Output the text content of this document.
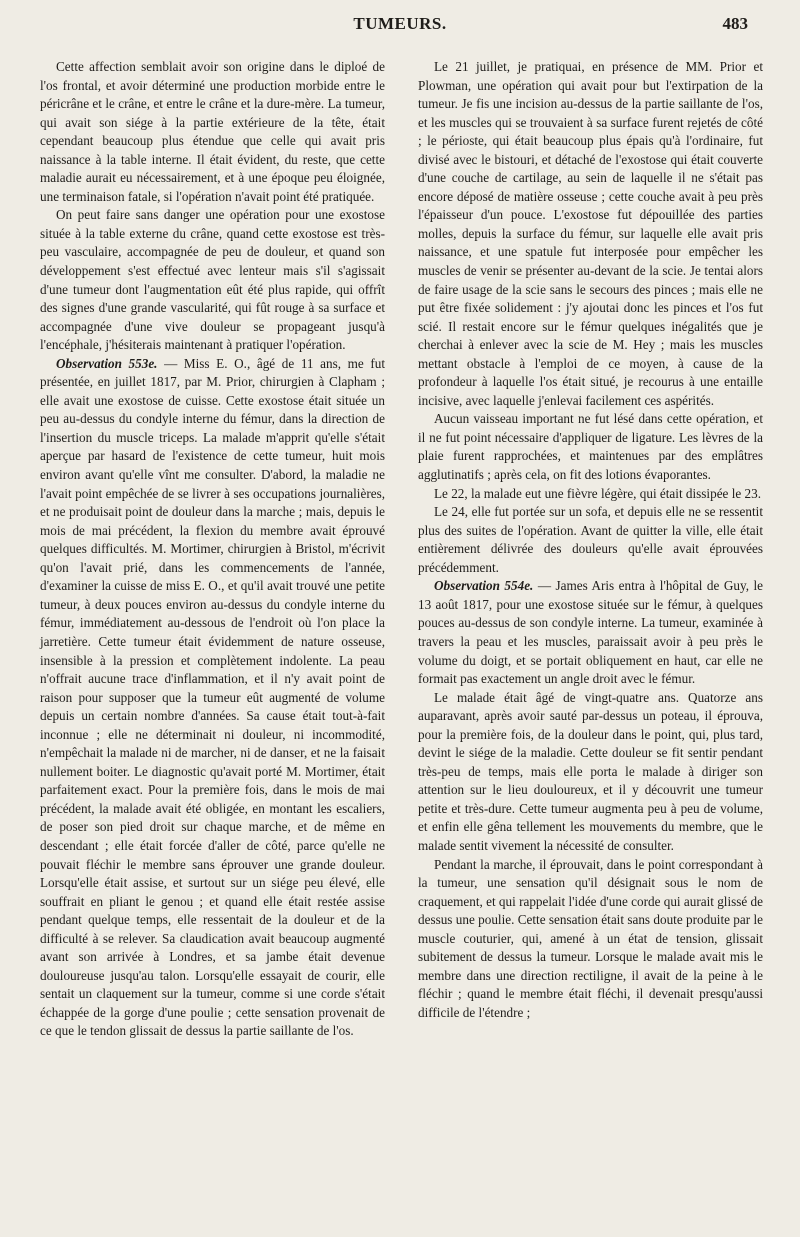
TUMEURS.	483

Cette affection semblait avoir son origine dans le diploé de l'os frontal, et avoir déterminé une production morbide entre le péricrâne et le crâne, et entre le crâne et la dure-mère. La tumeur, qui avait son siége à la partie extérieure de la tête, était cependant beaucoup plus étendue que celle qui avait pris naissance à la table interne. Il était évident, du reste, que cette maladie aurait eu nécessairement, et à une époque peu éloignée, une terminaison fatale, si l'opération n'avait point été pratiquée.

On peut faire sans danger une opération pour une exostose située à la table externe du crâne, quand cette exostose est très-peu vasculaire, accompagnée de peu de douleur, et quand son développement s'est effectué avec lenteur mais s'il s'agissait d'une tumeur dont l'augmentation eût été plus rapide, qui offrît des signes d'une grande vascularité, qui fût rouge à sa surface et accompagnée d'une vive douleur se propageant jusqu'à l'encéphale, j'hésiterais maintenant à pratiquer l'opération.

Observation 553e. — Miss E. O., âgé de 11 ans, me fut présentée, en juillet 1817, par M. Prior, chirurgien à Clapham ; elle avait une exostose de cuisse. Cette exostose était située un peu au-dessus du condyle interne du fémur, dans la direction de l'insertion du muscle triceps. La malade m'apprit qu'elle s'était aperçue par hasard de l'existence de cette tumeur, huit mois environ avant qu'elle vînt me consulter. D'abord, la maladie ne l'avait point empêchée de se livrer à ses occupations journalières, et ne produisait point de douleur dans la marche ; mais, depuis le mois de mai précédent, la flexion du membre avait éprouvé quelques difficultés. M. Mortimer, chirurgien à Bristol, m'écrivit qu'on l'avait prié, dans les commencements de l'année, d'examiner la cuisse de miss E. O., et qu'il avait trouvé une petite tumeur, à deux pouces environ au-dessus du condyle interne du fémur, immédiatement au-dessous de l'endroit où l'on place la jarretière. Cette tumeur était évidemment de nature osseuse, insensible à la pression et complètement indolente. La peau n'offrait aucune trace d'inflammation, et il n'y avait point de raison pour supposer que la tumeur eût augmenté de volume depuis un certain nombre d'années. Sa cause était tout-à-fait inconnue ; elle ne déterminait ni douleur, ni incommodité, n'empêchait la malade ni de marcher, ni de danser, et ne la faisait nullement boiter. Le diagnostic qu'avait porté M. Mortimer, était parfaitement exact. Pour la première fois, dans le mois de mai précédent, la malade avait été obligée, en montant les escaliers, de poser son pied droit sur chaque marche, et de même en descendant ; elle était forcée d'aller de côté, parce qu'elle ne pouvait fléchir le membre sans éprouver une grande douleur. Lorsqu'elle était assise, et surtout sur un siége peu élevé, elle souffrait en pliant le genou ; et quand elle était restée assise pendant quelque temps, elle ressentait de la douleur et de la difficulté à se relever. Sa claudication avait beaucoup augmenté avant son arrivée à Londres, et sa jambe était devenue douloureuse jusqu'au talon. Lorsqu'elle essayait de courir, elle sentait un claquement sur la tumeur, comme si une corde s'était échappée de la gorge d'une poulie ; cette sensation provenait de ce que le tendon glissait de dessus la partie saillante de l'os.

Le 21 juillet, je pratiquai, en présence de MM. Prior et Plowman, une opération qui avait pour but l'extirpation de la tumeur. Je fis une incision au-dessus de la partie saillante de l'os, et les muscles qui se trouvaient à sa surface furent rejetés de côté ; le périoste, qui était beaucoup plus épais qu'à l'ordinaire, fut divisé avec le bistouri, et détaché de l'exostose qui était couverte d'une couche de cartilage, au sein de laquelle il ne s'était pas encore déposé de matière osseuse ; cette couche avait à peu près l'épaisseur d'un pouce. L'exostose fut dépouillée des parties molles, depuis la surface du fémur, sur laquelle elle avait pris naissance, et une spatule fut interposée pour empêcher les muscles de venir se présenter au-devant de la scie. Je tentai alors de faire usage de la scie sans le secours des pinces ; mais elle ne put être fixée solidement : j'y ajoutai donc les pinces et l'os fut scié. Il restait encore sur le fémur quelques inégalités que je cherchai à enlever avec la scie de M. Hey ; mais les muscles mettant obstacle à l'emploi de ce moyen, à cause de la profondeur à laquelle l'os était situé, je recourus à une entaille incisive, avec laquelle j'enlevai facilement ces aspérités.

Aucun vaisseau important ne fut lésé dans cette opération, et il ne fut point nécessaire d'appliquer de ligature. Les lèvres de la plaie furent rapprochées, et maintenues par des emplâtres agglutinatifs ; après cela, on fit des lotions évaporantes.

Le 22, la malade eut une fièvre légère, qui était dissipée le 23.

Le 24, elle fut portée sur un sofa, et depuis elle ne se ressentit plus des suites de l'opération. Avant de quitter la ville, elle était entièrement délivrée des douleurs qu'elle avait éprouvées précédemment.

Observation 554e. — James Aris entra à l'hôpital de Guy, le 13 août 1817, pour une exostose située sur le fémur, à quelques pouces au-dessus de son condyle interne. La tumeur, examinée à travers la peau et les muscles, paraissait avoir à peu près le volume du doigt, et se portait obliquement en haut, car elle ne formait pas exactement un angle droit avec le fémur.

Le malade était âgé de vingt-quatre ans. Quatorze ans auparavant, après avoir sauté par-dessus un poteau, il éprouva, pour la première fois, de la douleur dans le point, qui, plus tard, devint le siége de la maladie. Cette douleur se fit sentir pendant très-peu de temps, mais elle porta le malade à diriger son attention sur le lieu douloureux, et il y découvrit une tumeur petite et très-dure. Cette tumeur augmenta peu à peu de volume, et enfin elle gêna tellement les mouvements du membre, que le malade sentit vivement la nécessité de consulter.

Pendant la marche, il éprouvait, dans le point correspondant à la tumeur, une sensation qu'il désignait sous le nom de craquement, et qui rappelait l'idée d'une corde qui aurait glissé de dessus une poulie. Cette sensation était sans doute produite par le muscle couturier, qui, amené à un état de tension, glissait subitement de dessus la tumeur. Lorsque le malade avait mis le membre dans une direction rectiligne, il avait de la peine à le fléchir ; quand le membre était fléchi, il devenait presqu'aussi difficile de l'étendre ;
